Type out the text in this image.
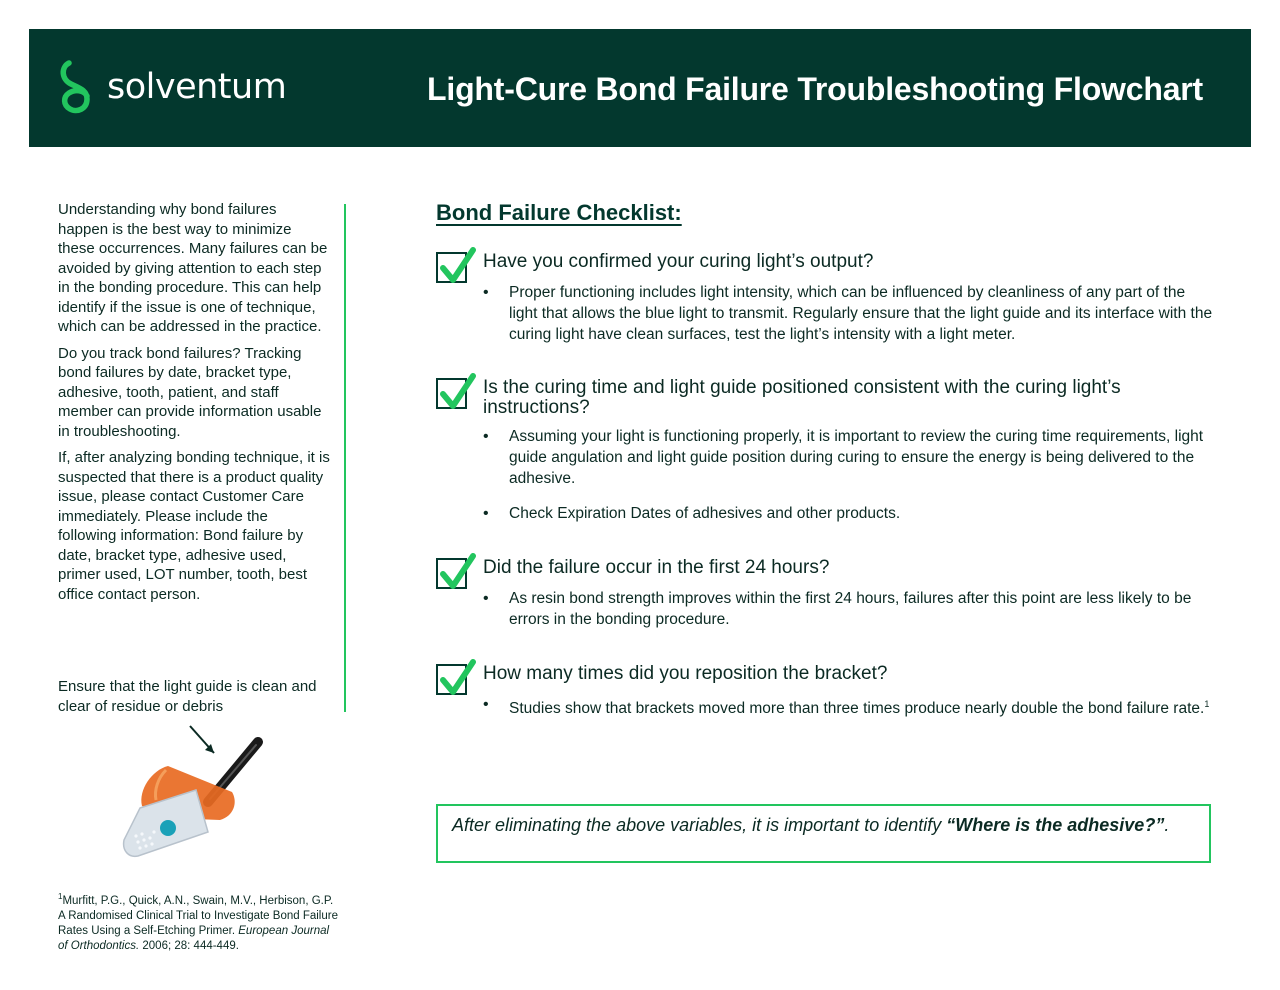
solventum	Light-Cure Bond Failure Troubleshooting Flowchart

Understanding why bond failures happen is the best way to minimize these occurrences. Many failures can be avoided by giving attention to each step in the bonding procedure. This can help identify if the issue is one of technique, which can be addressed in the practice.

Do you track bond failures? Tracking bond failures by date, bracket type, adhesive, tooth, patient, and staff member can provide information usable in troubleshooting.

If, after analyzing bonding technique, it is suspected that there is a product quality issue, please contact Customer Care immediately. Please include the following information: Bond failure by date, bracket type, adhesive used, primer used, LOT number, tooth, best office contact person.

Ensure that the light guide is clean and clear of residue or debris
$^1$Murfitt, P.G., Quick, A.N., Swain, M.V., Herbison, G.P. A Randomised Clinical Trial to Investigate Bond Failure Rates Using a Self-Etching Primer. European Journal of Orthodontics. 2006; 28: 444-449.
Bond Failure Checklist:
Have you confirmed your curing light’s output?
• Proper functioning includes light intensity, which can be influenced by cleanliness of any part of the light that allows the blue light to transmit. Regularly ensure that the light guide and its interface with the curing light have clean surfaces, test the light’s intensity with a light meter.
Is the curing time and light guide positioned consistent with the curing light’s instructions?
• Assuming your light is functioning properly, it is important to review the curing time requirements, light guide angulation and light guide position during curing to ensure the energy is being delivered to the adhesive.
• Check Expiration Dates of adhesives and other products.
Did the failure occur in the first 24 hours?
• As resin bond strength improves within the first 24 hours, failures after this point are less likely to be errors in the bonding procedure.
How many times did you reposition the bracket?
• Studies show that brackets moved more than three times produce nearly double the bond failure rate.$^1$
After eliminating the above variables, it is important to identify “Where is the adhesive?”.
